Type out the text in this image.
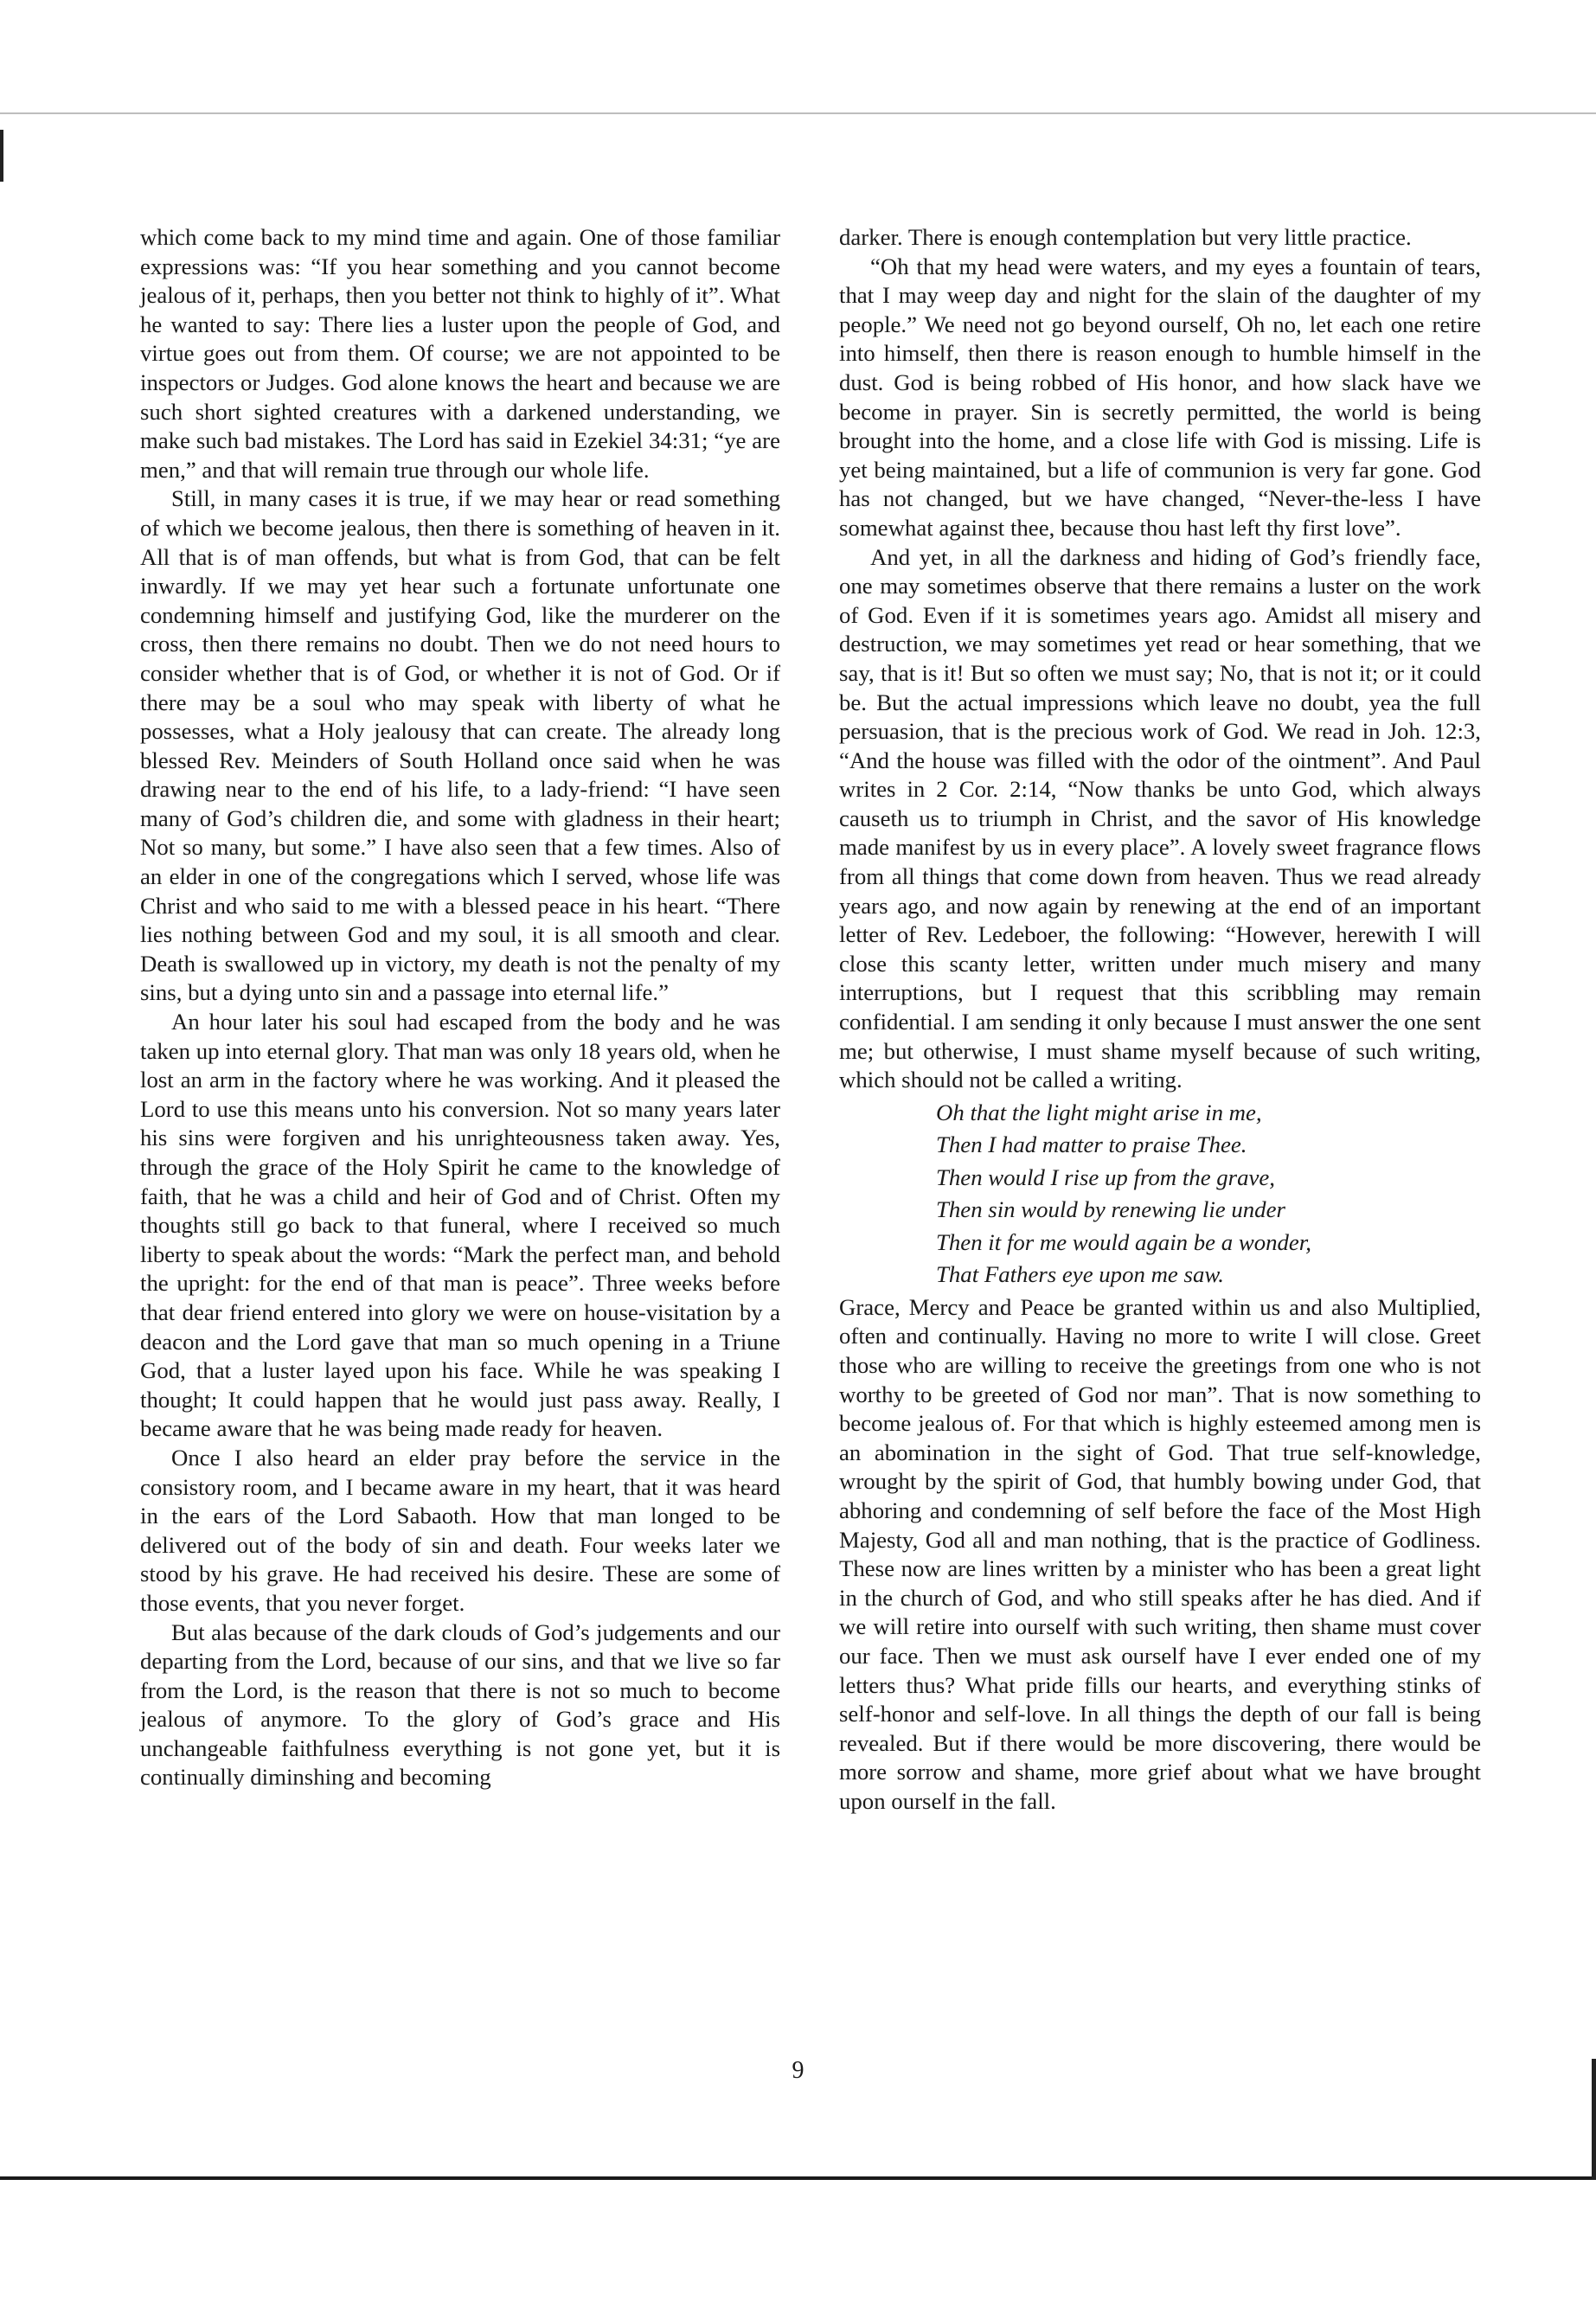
which come back to my mind time and again. One of those familiar expressions was: “If you hear something and you cannot become jealous of it, perhaps, then you better not think to highly of it”. What he wanted to say: There lies a luster upon the people of God, and virtue goes out from them. Of course; we are not appointed to be inspectors or Judges. God alone knows the heart and because we are such short sighted creatures with a darkened understanding, we make such bad mistakes. The Lord has said in Ezekiel 34:31; “ye are men,” and that will remain true through our whole life.

Still, in many cases it is true, if we may hear or read something of which we become jealous, then there is something of heaven in it. All that is of man offends, but what is from God, that can be felt inwardly. If we may yet hear such a fortunate unfortunate one condemning himself and justifying God, like the murderer on the cross, then there remains no doubt. Then we do not need hours to consider whether that is of God, or whether it is not of God. Or if there may be a soul who may speak with liberty of what he possesses, what a Holy jealousy that can create. The already long blessed Rev. Meinders of South Holland once said when he was drawing near to the end of his life, to a lady-friend: “I have seen many of God’s children die, and some with gladness in their heart; Not so many, but some.” I have also seen that a few times. Also of an elder in one of the congregations which I served, whose life was Christ and who said to me with a blessed peace in his heart. “There lies nothing between God and my soul, it is all smooth and clear. Death is swallowed up in victory, my death is not the penalty of my sins, but a dying unto sin and a passage into eternal life.”

An hour later his soul had escaped from the body and he was taken up into eternal glory. That man was only 18 years old, when he lost an arm in the factory where he was working. And it pleased the Lord to use this means unto his conversion. Not so many years later his sins were forgiven and his unrighteousness taken away. Yes, through the grace of the Holy Spirit he came to the knowledge of faith, that he was a child and heir of God and of Christ. Often my thoughts still go back to that funeral, where I received so much liberty to speak about the words: “Mark the perfect man, and behold the upright: for the end of that man is peace”. Three weeks before that dear friend entered into glory we were on house-visitation by a deacon and the Lord gave that man so much opening in a Triune God, that a luster layed upon his face. While he was speaking I thought; It could happen that he would just pass away. Really, I became aware that he was being made ready for heaven.

Once I also heard an elder pray before the service in the consistory room, and I became aware in my heart, that it was heard in the ears of the Lord Sabaoth. How that man longed to be delivered out of the body of sin and death. Four weeks later we stood by his grave. He had received his desire. These are some of those events, that you never forget.

But alas because of the dark clouds of God’s judgements and our departing from the Lord, because of our sins, and that we live so far from the Lord, is the reason that there is not so much to become jealous of anymore. To the glory of God’s grace and His unchangeable faithfulness everything is not gone yet, but it is continually diminshing and becoming

darker. There is enough contemplation but very little practice.

“Oh that my head were waters, and my eyes a fountain of tears, that I may weep day and night for the slain of the daughter of my people.” We need not go beyond ourself, Oh no, let each one retire into himself, then there is reason enough to humble himself in the dust. God is being robbed of His honor, and how slack have we become in prayer. Sin is secretly permitted, the world is being brought into the home, and a close life with God is missing. Life is yet being maintained, but a life of communion is very far gone. God has not changed, but we have changed, “Never-the-less I have somewhat against thee, because thou hast left thy first love”.

And yet, in all the darkness and hiding of God’s friendly face, one may sometimes observe that there remains a luster on the work of God. Even if it is sometimes years ago. Amidst all misery and destruction, we may sometimes yet read or hear something, that we say, that is it! But so often we must say; No, that is not it; or it could be. But the actual impressions which leave no doubt, yea the full persuasion, that is the precious work of God. We read in Joh. 12:3, “And the house was filled with the odor of the ointment”. And Paul writes in 2 Cor. 2:14, “Now thanks be unto God, which always causeth us to triumph in Christ, and the savor of His knowledge made manifest by us in every place”. A lovely sweet fragrance flows from all things that come down from heaven. Thus we read already years ago, and now again by renewing at the end of an important letter of Rev. Ledeboer, the following: “However, herewith I will close this scanty letter, written under much misery and many interruptions, but I request that this scribbling may remain confidential. I am sending it only because I must answer the one sent me; but otherwise, I must shame myself because of such writing, which should not be called a writing.

Oh that the light might arise in me,
Then I had matter to praise Thee.
Then would I rise up from the grave,
Then sin would by renewing lie under
Then it for me would again be a wonder,
That Fathers eye upon me saw.

Grace, Mercy and Peace be granted within us and also Multiplied, often and continually. Having no more to write I will close. Greet those who are willing to receive the greetings from one who is not worthy to be greeted of God nor man”. That is now something to become jealous of. For that which is highly esteemed among men is an abomination in the sight of God. That true self-knowledge, wrought by the spirit of God, that humbly bowing under God, that abhoring and condemning of self before the face of the Most High Majesty, God all and man nothing, that is the practice of Godliness. These now are lines written by a minister who has been a great light in the church of God, and who still speaks after he has died. And if we will retire into ourself with such writing, then shame must cover our face. Then we must ask ourself have I ever ended one of my letters thus? What pride fills our hearts, and everything stinks of self-honor and self-love. In all things the depth of our fall is being revealed. But if there would be more discovering, there would be more sorrow and shame, more grief about what we have brought upon ourself in the fall.

9
